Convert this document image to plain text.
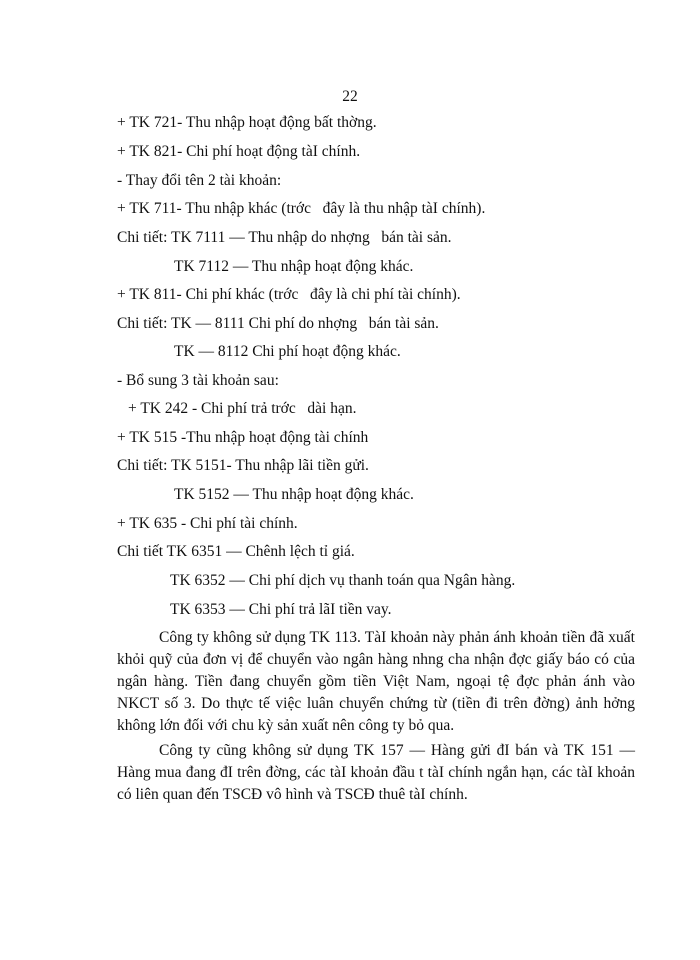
22
+ TK 721- Thu nhập hoạt động bất thờng.
+ TK 821- Chi phí hoạt động tàI chính.
- Thay đổi tên 2 tài khoản:
+ TK 711- Thu nhập khác (trớc   đây là thu nhập tàI chính).
Chi tiết: TK 7111 — Thu nhập do nhợng   bán tài sản.
TK 7112 — Thu nhập hoạt động khác.
+ TK 811- Chi phí khác (trớc   đây là chi phí tài chính).
Chi tiết: TK — 8111 Chi phí do nhợng   bán tài sản.
TK — 8112 Chi phí hoạt động khác.
- Bổ sung 3 tài khoản sau:
+ TK 242 - Chi phí trả trớc   dài hạn.
+ TK 515 -Thu nhập hoạt động tài chính
Chi tiết: TK 5151- Thu nhập lãi tiền gửi.
TK 5152 — Thu nhập hoạt động khác.
+ TK 635 - Chi phí tài chính.
Chi tiết TK 6351 — Chênh lệch tỉ giá.
TK 6352 — Chi phí dịch vụ thanh toán qua Ngân hàng.
TK 6353 — Chi phí trả lãI tiền vay.
Công ty không sử dụng TK 113. TàI khoản này phản ánh khoản tiền đã xuất khỏi quỹ của đơn vị để chuyển vào ngân hàng nhng cha nhận đợc giấy báo có của ngân hàng. Tiền đang chuyển gồm tiền Việt Nam, ngoại tệ đợc phản ánh vào NKCT số 3. Do thực tế việc luân chuyển chứng từ (tiền đi trên đờng) ảnh hởng không lớn đối với chu kỳ sản xuất nên công ty bỏ qua.
Công ty cũng không sử dụng TK 157 — Hàng gửi đI bán và TK 151 — Hàng mua đang đI trên đờng, các tàI khoản đầu t tàI chính ngắn hạn, các tàI khoản có liên quan đến TSCĐ vô hình và TSCĐ thuê tàI chính.
